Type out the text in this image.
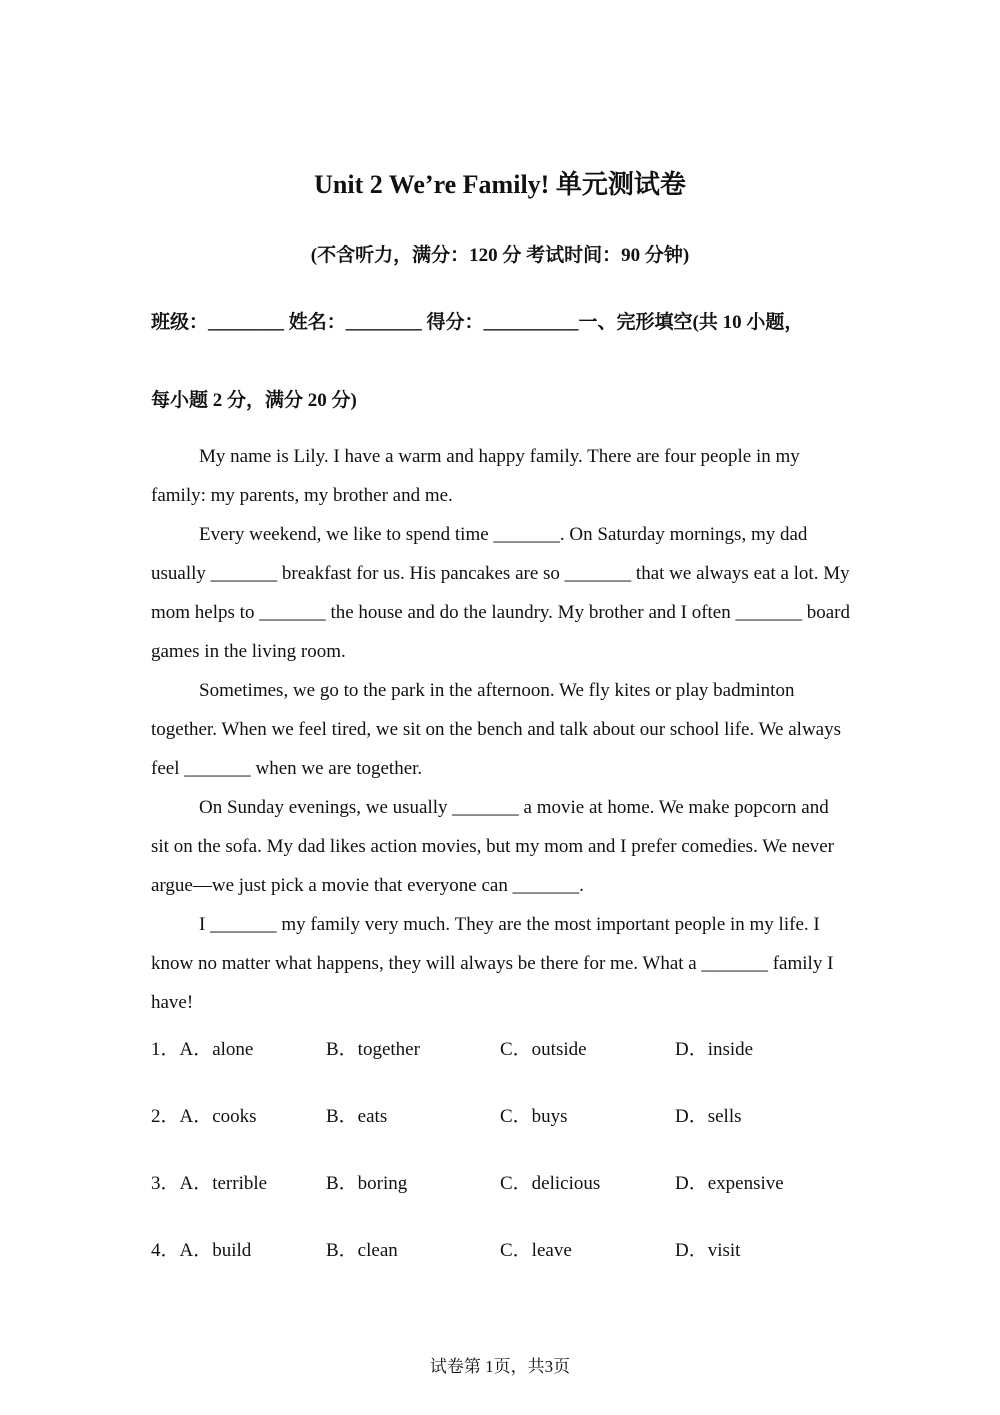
Unit 2 We’re Family! 单元测试卷
(不含听力，满分：120 分 考试时间：90 分钟)
班级：________ 姓名：________ 得分：__________一、完形填空(共 10 小题，
每小题 2 分，满分 20 分)

My name is Lily. I have a warm and happy family. There are four people in my family: my parents, my brother and me.

Every weekend, we like to spend time _______. On Saturday mornings, my dad usually _______ breakfast for us. His pancakes are so _______ that we always eat a lot. My mom helps to _______ the house and do the laundry. My brother and I often _______ board games in the living room.

Sometimes, we go to the park in the afternoon. We fly kites or play badminton together. When we feel tired, we sit on the bench and talk about our school life. We always feel _______ when we are together.

On Sunday evenings, we usually _______ a movie at home. We make popcorn and sit on the sofa. My dad likes action movies, but my mom and I prefer comedies. We never argue—we just pick a movie that everyone can _______.

I _______ my family very much. They are the most important people in my life. I know no matter what happens, they will always be there for me. What a _______ family I have!

1．A．alone	B．together	C．outside	D．inside
2．A．cooks	B．eats	C．buys	D．sells
3．A．terrible	B．boring	C．delicious	D．expensive
4．A．build	B．clean	C．leave	D．visit
试卷第 1页，共3页
